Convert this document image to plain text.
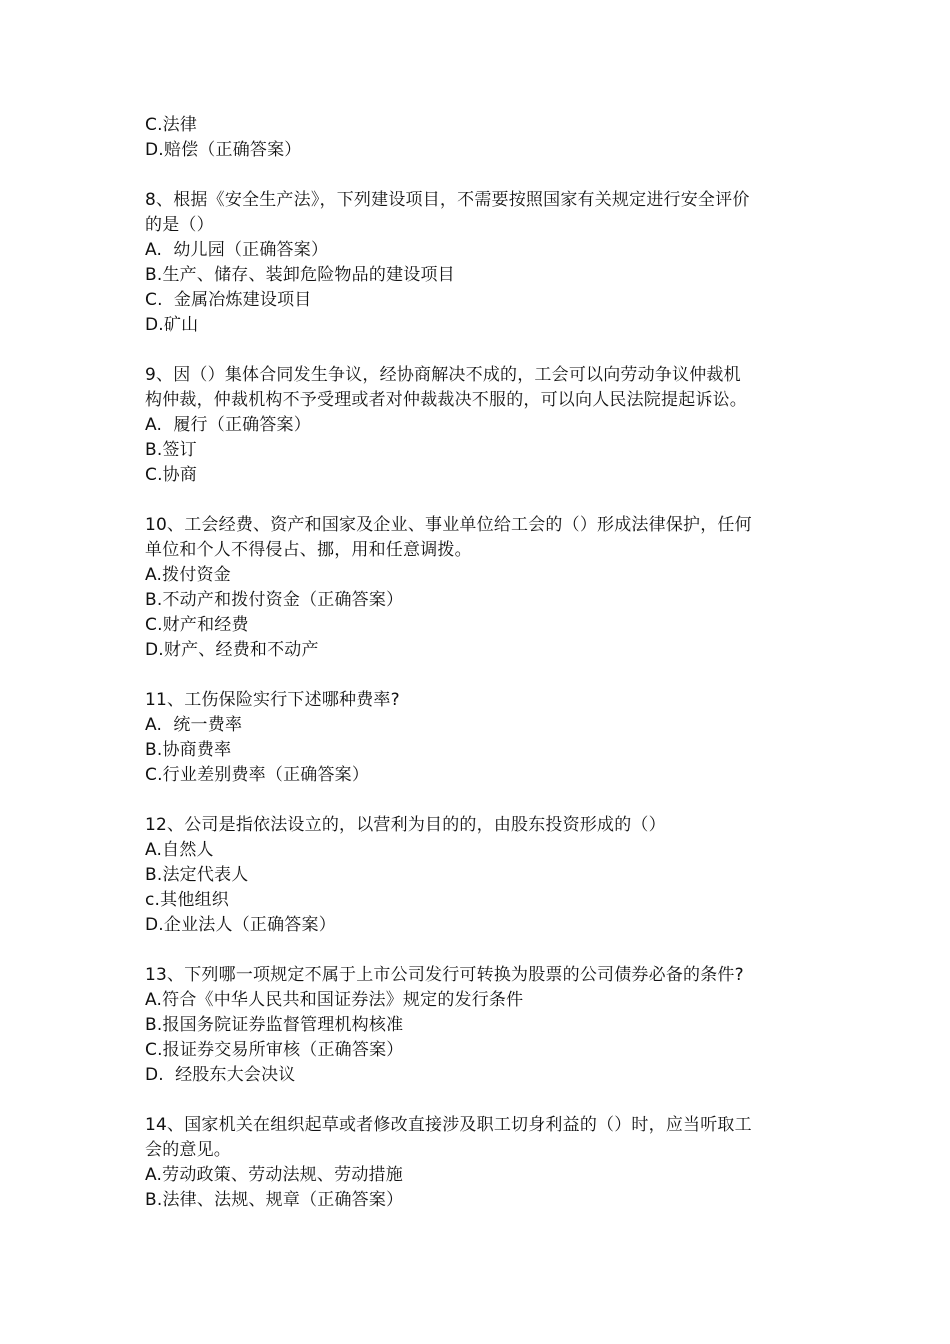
C.法律
D.赔偿（正确答案）
8、根据《安全生产法》，下列建设项目，不需要按照国家有关规定进行安全评价
的是（）
A.  幼儿园（正确答案）
B.生产、储存、装卸危险物品的建设项目
C.  金属冶炼建设项目
D.矿山
9、因（）集体合同发生争议，经协商解决不成的，工会可以向劳动争议仲裁机
构仲裁，仲裁机构不予受理或者对仲裁裁决不服的，可以向人民法院提起诉讼。
A.  履行（正确答案）
B.签订
C.协商
10、工会经费、资产和国家及企业、事业单位给工会的（）形成法律保护，任何
单位和个人不得侵占、挪，用和任意调拨。
A.拨付资金
B.不动产和拨付资金（正确答案）
C.财产和经费
D.财产、经费和不动产
11、工伤保险实行下述哪种费率?
A.  统一费率
B.协商费率
C.行业差别费率（正确答案）
12、公司是指依法设立的，以营利为目的的，由股东投资形成的（）
A.自然人
B.法定代表人
c.其他组织
D.企业法人（正确答案）
13、下列哪一项规定不属于上市公司发行可转换为股票的公司债券必备的条件?
A.符合《中华人民共和国证券法》规定的发行条件
B.报国务院证券监督管理机构核准
C.报证券交易所审核（正确答案）
D.  经股东大会决议
14、国家机关在组织起草或者修改直接涉及职工切身利益的（）时，应当听取工
会的意见。
A.劳动政策、劳动法规、劳动措施
B.法律、法规、规章（正确答案）
